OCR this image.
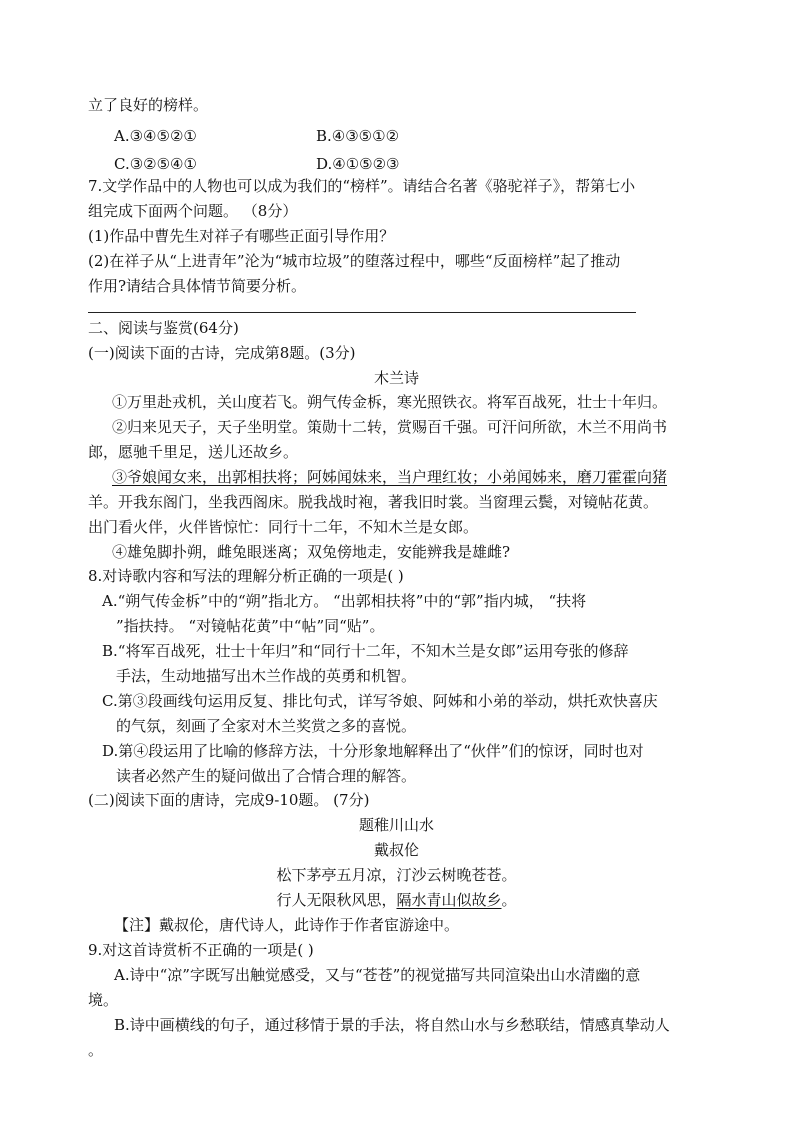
立了良好的榜样。
A.③④⑤②①	B.④③⑤①②
C.③②⑤④①	D.④①⑤②③
7.文学作品中的人物也可以成为我们的“榜样”。请结合名著《骆驼祥子》，帮第七小
组完成下面两个问题。 （8分）
(1)作品中曹先生对祥子有哪些正面引导作用？
(2)在祥子从“上进青年”沦为“城市垃圾”的堕落过程中，哪些“反面榜样”起了推动
作用?请结合具体情节简要分析。
二、阅读与鉴赏(64分)
(一)阅读下面的古诗，完成第8题。(3分)
木兰诗
①万里赴戎机，关山度若飞。朔气传金柝，寒光照铁衣。将军百战死，壮士十年归。
②归来见天子，天子坐明堂。策勋十二转，赏赐百千强。可汗问所欲，木兰不用尚书
郎，愿驰千里足，送儿还故乡。
③爷娘闻女来，出郭相扶将；阿姊闻妹来，当户理红妆；小弟闻姊来，磨刀霍霍向猪
羊。开我东阁门，坐我西阁床。脱我战时袍，著我旧时裳。当窗理云鬓，对镜帖花黄。
出门看火伴，火伴皆惊忙：同行十二年，不知木兰是女郎。
④雄兔脚扑朔，雌兔眼迷离；双兔傍地走，安能辨我是雄雌?
8.对诗歌内容和写法的理解分析正确的一项是( )
A.“朔气传金柝”中的“朔”指北方。 “出郭相扶将”中的“郭”指内城， “扶将
”指扶持。 “对镜帖花黄”中“帖”同“贴”。
B.“将军百战死，壮士十年归”和“同行十二年，不知木兰是女郎”运用夸张的修辞
手法，生动地描写出木兰作战的英勇和机智。
C.第③段画线句运用反复、排比句式，详写爷娘、阿姊和小弟的举动，烘托欢快喜庆
的气氛，刻画了全家对木兰奖赏之多的喜悦。
D.第④段运用了比喻的修辞方法，十分形象地解释出了“伙伴”们的惊讶，同时也对
读者必然产生的疑问做出了合情合理的解答。
(二)阅读下面的唐诗，完成9-10题。 (7分)
题稚川山水
戴叔伦
松下茅亭五月凉，汀沙云树晚苍苍。
行人无限秋风思，隔水青山似故乡。
【注】戴叔伦，唐代诗人，此诗作于作者宦游途中。
9.对这首诗赏析不正确的一项是( )
A.诗中“凉”字既写出触觉感受，又与“苍苍”的视觉描写共同渲染出山水清幽的意
境。
B.诗中画横线的句子，通过移情于景的手法，将自然山水与乡愁联结，情感真挚动人
。
